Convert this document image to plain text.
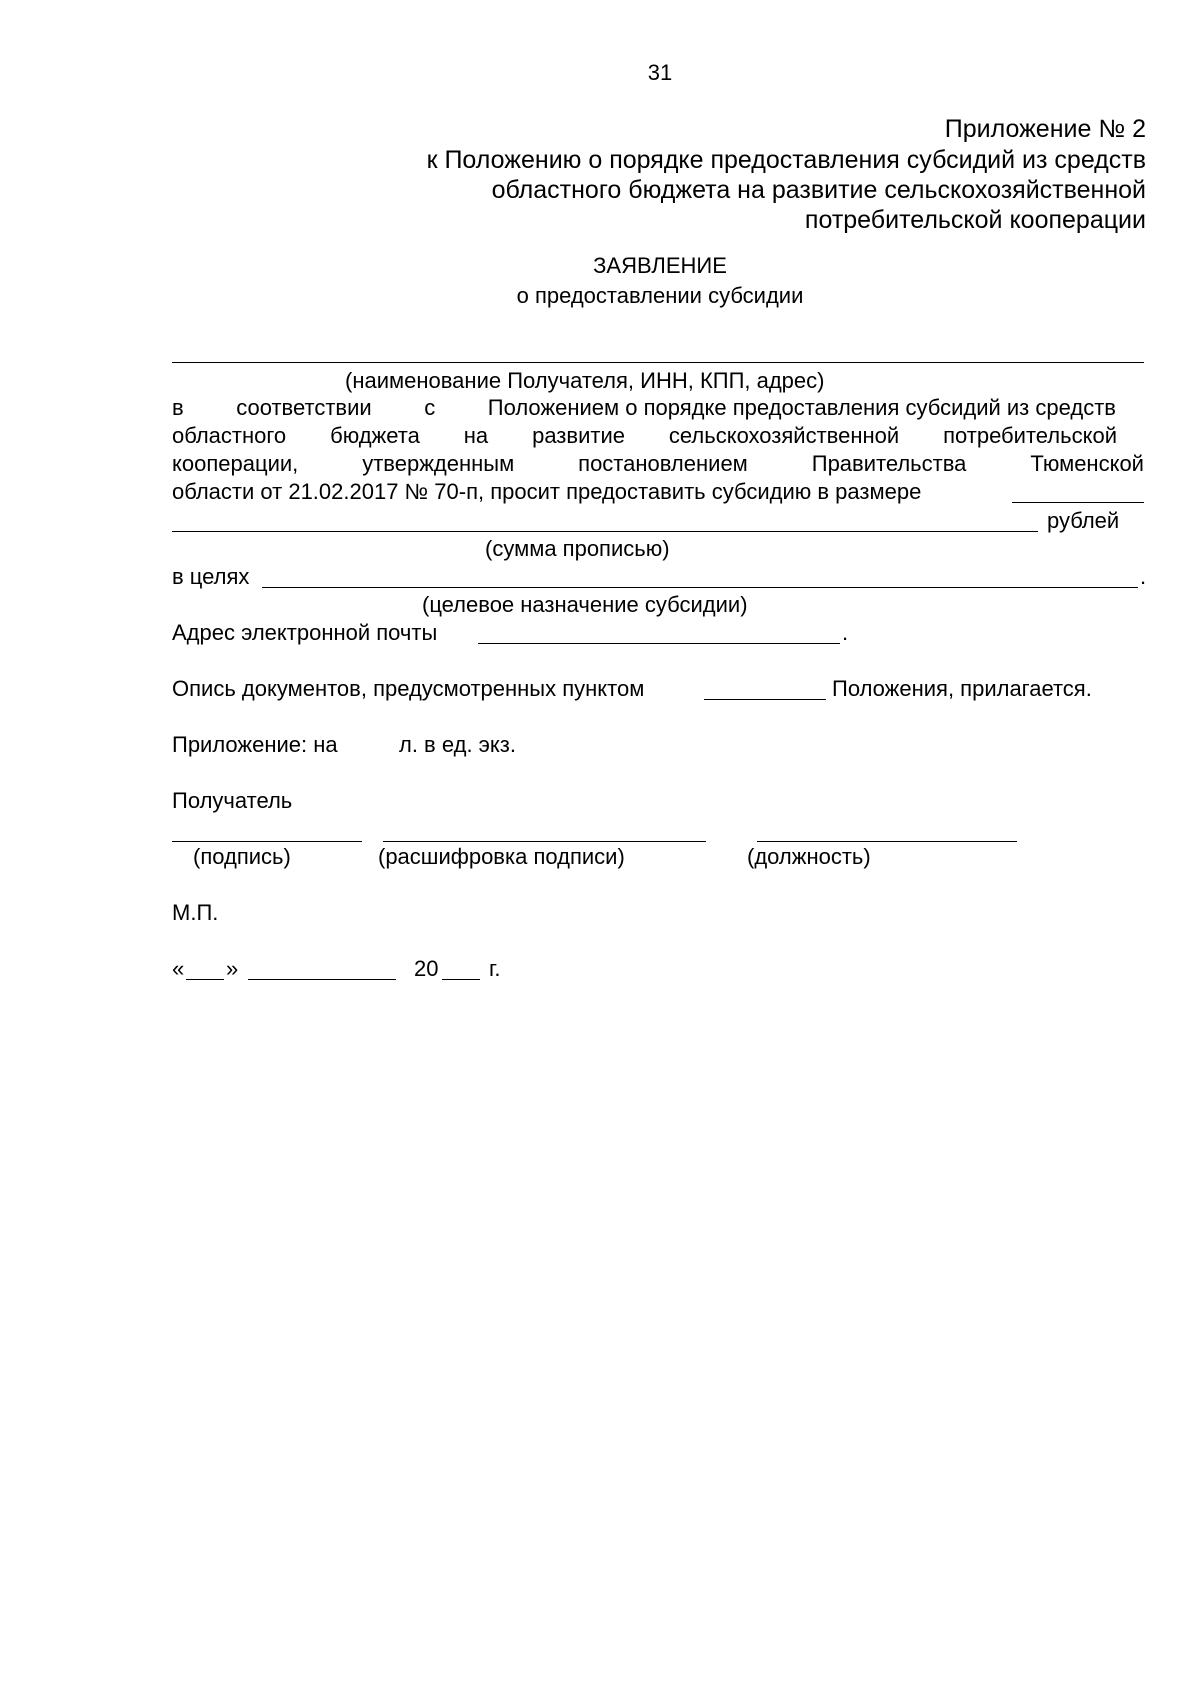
31
Приложение № 2
к Положению о порядке предоставления субсидий из средств
областного бюджета на развитие сельскохозяйственной
потребительской кооперации
ЗАЯВЛЕНИЕ
о предоставлении субсидии
(наименование Получателя, ИНН, КПП, адрес)
в соответствии с Положением о порядке предоставления субсидий из средств
областного бюджета на развитие сельскохозяйственной потребительской
кооперации,	утвержденным	постановлением	Правительства	Тюменской
области от 21.02.2017 № 70-п, просит предоставить субсидию в размере
рублей
(сумма прописью)
в целях	.
(целевое назначение субсидии)
Адрес электронной почты	.
Опись документов, предусмотренных пунктом	Положения, прилагается.
Приложение: на	л. в ед. экз.
Получатель
(подпись)	(расшифровка подписи)	(должность)
М.П.
« »	20 г.
